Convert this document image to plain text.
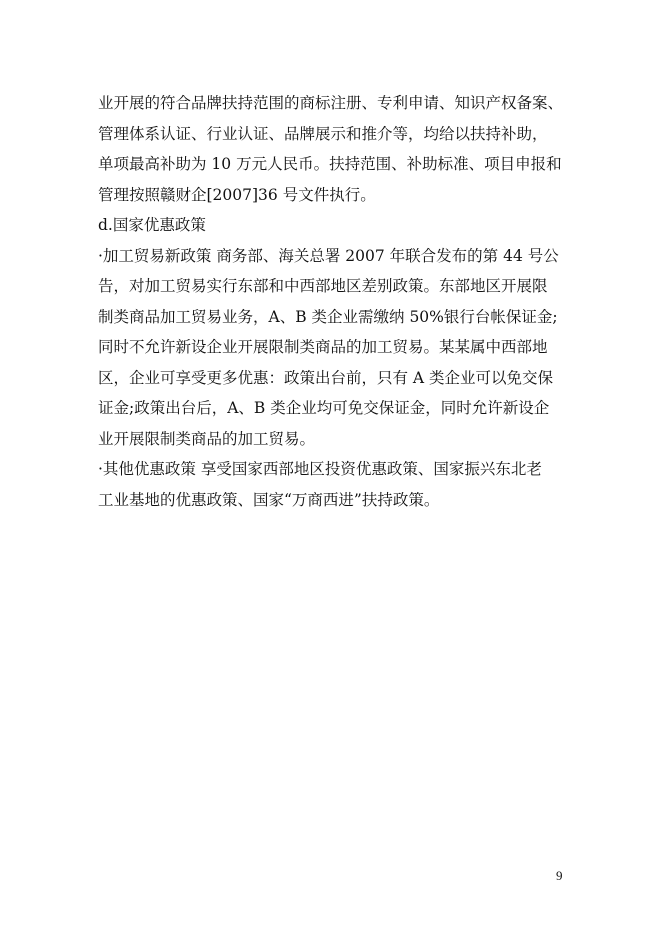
业开展的符合品牌扶持范围的商标注册、专利申请、知识产权备案、
管理体系认证、行业认证、品牌展示和推介等，均给以扶持补助，
单项最高补助为 10 万元人民币。扶持范围、补助标准、项目申报和
管理按照赣财企[2007]36 号文件执行。
d.国家优惠政策
·加工贸易新政策 商务部、海关总署 2007 年联合发布的第 44 号公
告，对加工贸易实行东部和中西部地区差别政策。东部地区开展限
制类商品加工贸易业务，A、B 类企业需缴纳 50%银行台帐保证金;
同时不允许新设企业开展限制类商品的加工贸易。某某属中西部地
区，企业可享受更多优惠：政策出台前，只有 A 类企业可以免交保
证金;政策出台后，A、B 类企业均可免交保证金，同时允许新设企
业开展限制类商品的加工贸易。
·其他优惠政策 享受国家西部地区投资优惠政策、国家振兴东北老
工业基地的优惠政策、国家“万商西进”扶持政策。
9
